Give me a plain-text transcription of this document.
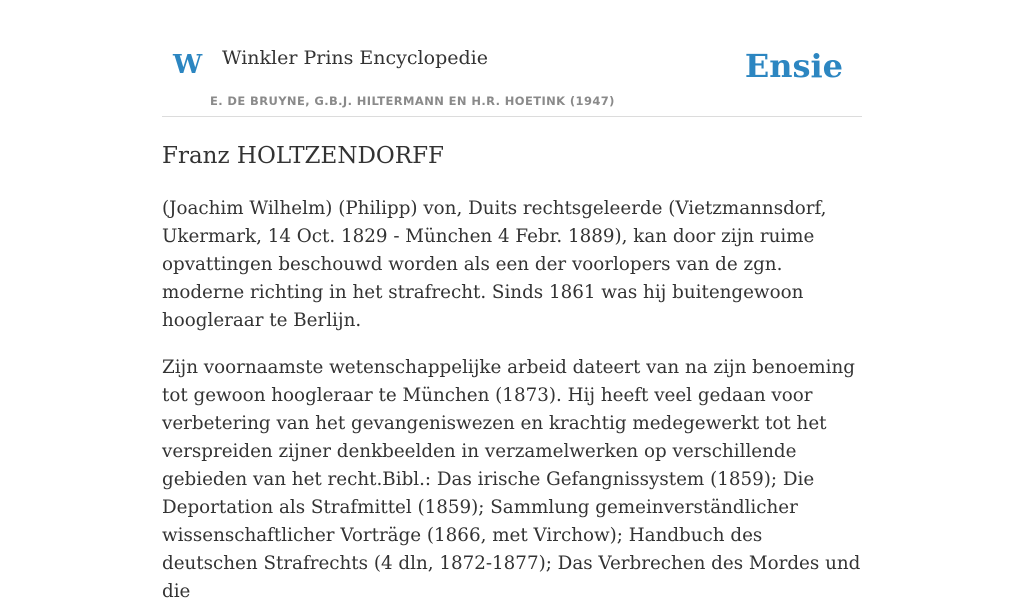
W Winkler Prins Encyclopedie
E. DE BRUYNE, G.B.J. HILTERMANN EN H.R. HOETINK (1947)
Ensie
Franz HOLTZENDORFF

(Joachim Wilhelm) (Philipp) von, Duits rechtsgeleerde (Vietzmannsdorf, Ukermark, 14 Oct. 1829 - München 4 Febr. 1889), kan door zijn ruime opvattingen beschouwd worden als een der voorlopers van de zgn. moderne richting in het strafrecht. Sinds 1861 was hij buitengewoon hoogleraar te Berlijn.

Zijn voornaamste wetenschappelijke arbeid dateert van na zijn benoeming tot gewoon hoogleraar te München (1873). Hij heeft veel gedaan voor verbetering van het gevangeniswezen en krachtig medegewerkt tot het verspreiden zijner denkbeelden in verzamelwerken op verschillende gebieden van het recht.Bibl.: Das irische Gefangnissystem (1859); Die Deportation als Strafmittel (1859); Sammlung gemeinverständlicher wissenschaftlicher Vorträge (1866, met Virchow); Handbuch des deutschen Strafrechts (4 dln, 1872-1877); Das Verbrechen des Mordes und die
